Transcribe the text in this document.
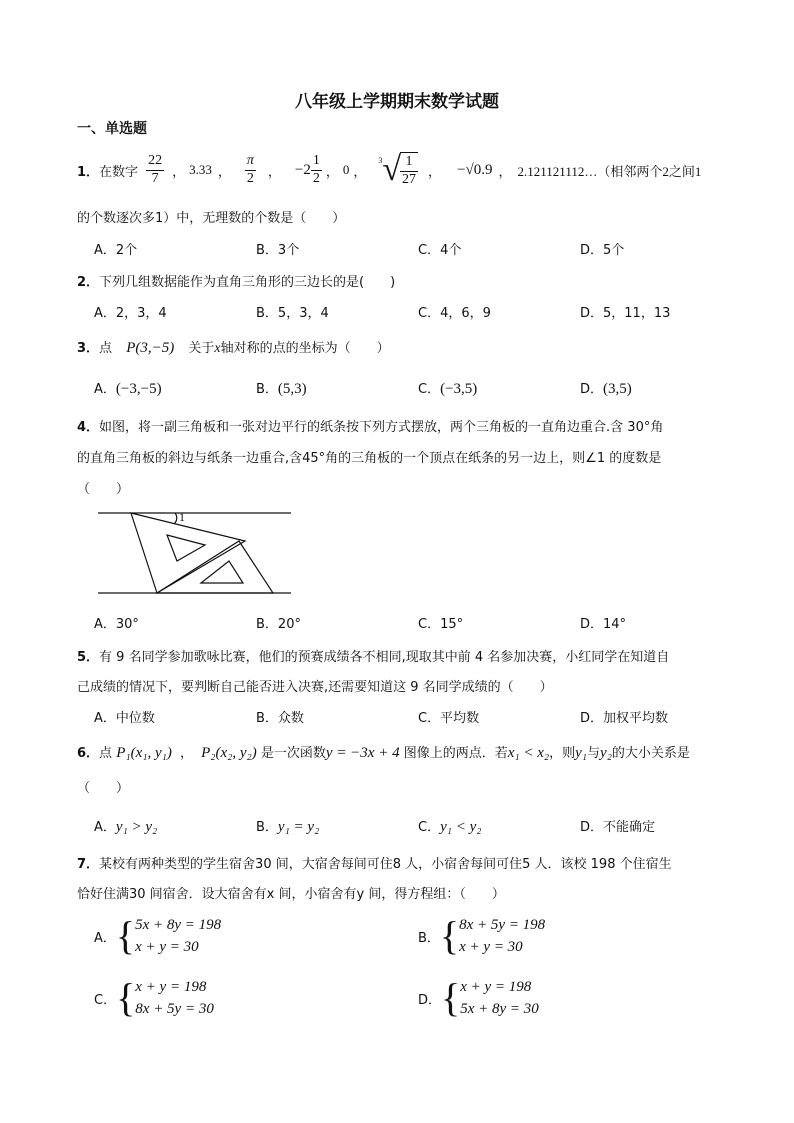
八年级上学期期末数学试题
一、单选题
1． 在数字 $\frac{22}{7}$ ， 3.33 ， $\frac{\pi}{2}$ ， $-2 \frac{1}{2}$ ， 0 ，
$^3$ √ $\frac{1}{27}$ ， −√0.9 ， 2.121121112…（相邻两个2之间1
的个数逐次多1）中，无理数的个数是（　　）
A．2个	B．3个	C．4个	D．5个
2．下列几组数据能作为直角三角形的三边长的是(　　)
A．2，3，4	B．5，3，4	C．4，6，9	D．5，11，13
3．点 P(3,−5) 关于x轴对称的点的坐标为（　　）
A．(−3,−5)	B．(5,3)	C．(−3,5)	D．(3,5)
4．如图，将一副三角板和一张对边平行的纸条按下列方式摆放，两个三角板的一直角边重合.含 30°角
的直角三角板的斜边与纸条一边重合,含45°角的三角板的一个顶点在纸条的另一边上，则∠1 的度数是
（　　）
1
A．30°	B．20°	C．15°	D．14°
5．有 9 名同学参加歌咏比赛，他们的预赛成绩各不相同,现取其中前 4 名参加决赛，小红同学在知道自
己成绩的情况下，要判断自己能否进入决赛,还需要知道这 9 名同学成绩的（　　）
A．中位数	B．众数	C．平均数	D．加权平均数
6．点 P₁(x₁, y₁) ， P₂(x₂, y₂) 是一次函数y = −3x + 4 图像上的两点．若x₁ < x₂，则y₁与y₂的大小关系是
（　　）
A．y₁ > y₂	B．y₁ = y₂	C．y₁ < y₂	D．不能确定
7．某校有两种类型的学生宿舍30 间，大宿舍每间可住8 人，小宿舍每间可住5 人．该校 198 个住宿生
恰好住满30 间宿舍．设大宿舍有x 间，小宿舍有y 间，得方程组：（　　）
A． { 5x + 8y = 198
x + y = 30
B． { 8x + 5y = 198
x + y = 30
C． { x + y = 198
8x + 5y = 30
D． { x + y = 198
5x + 8y = 30
